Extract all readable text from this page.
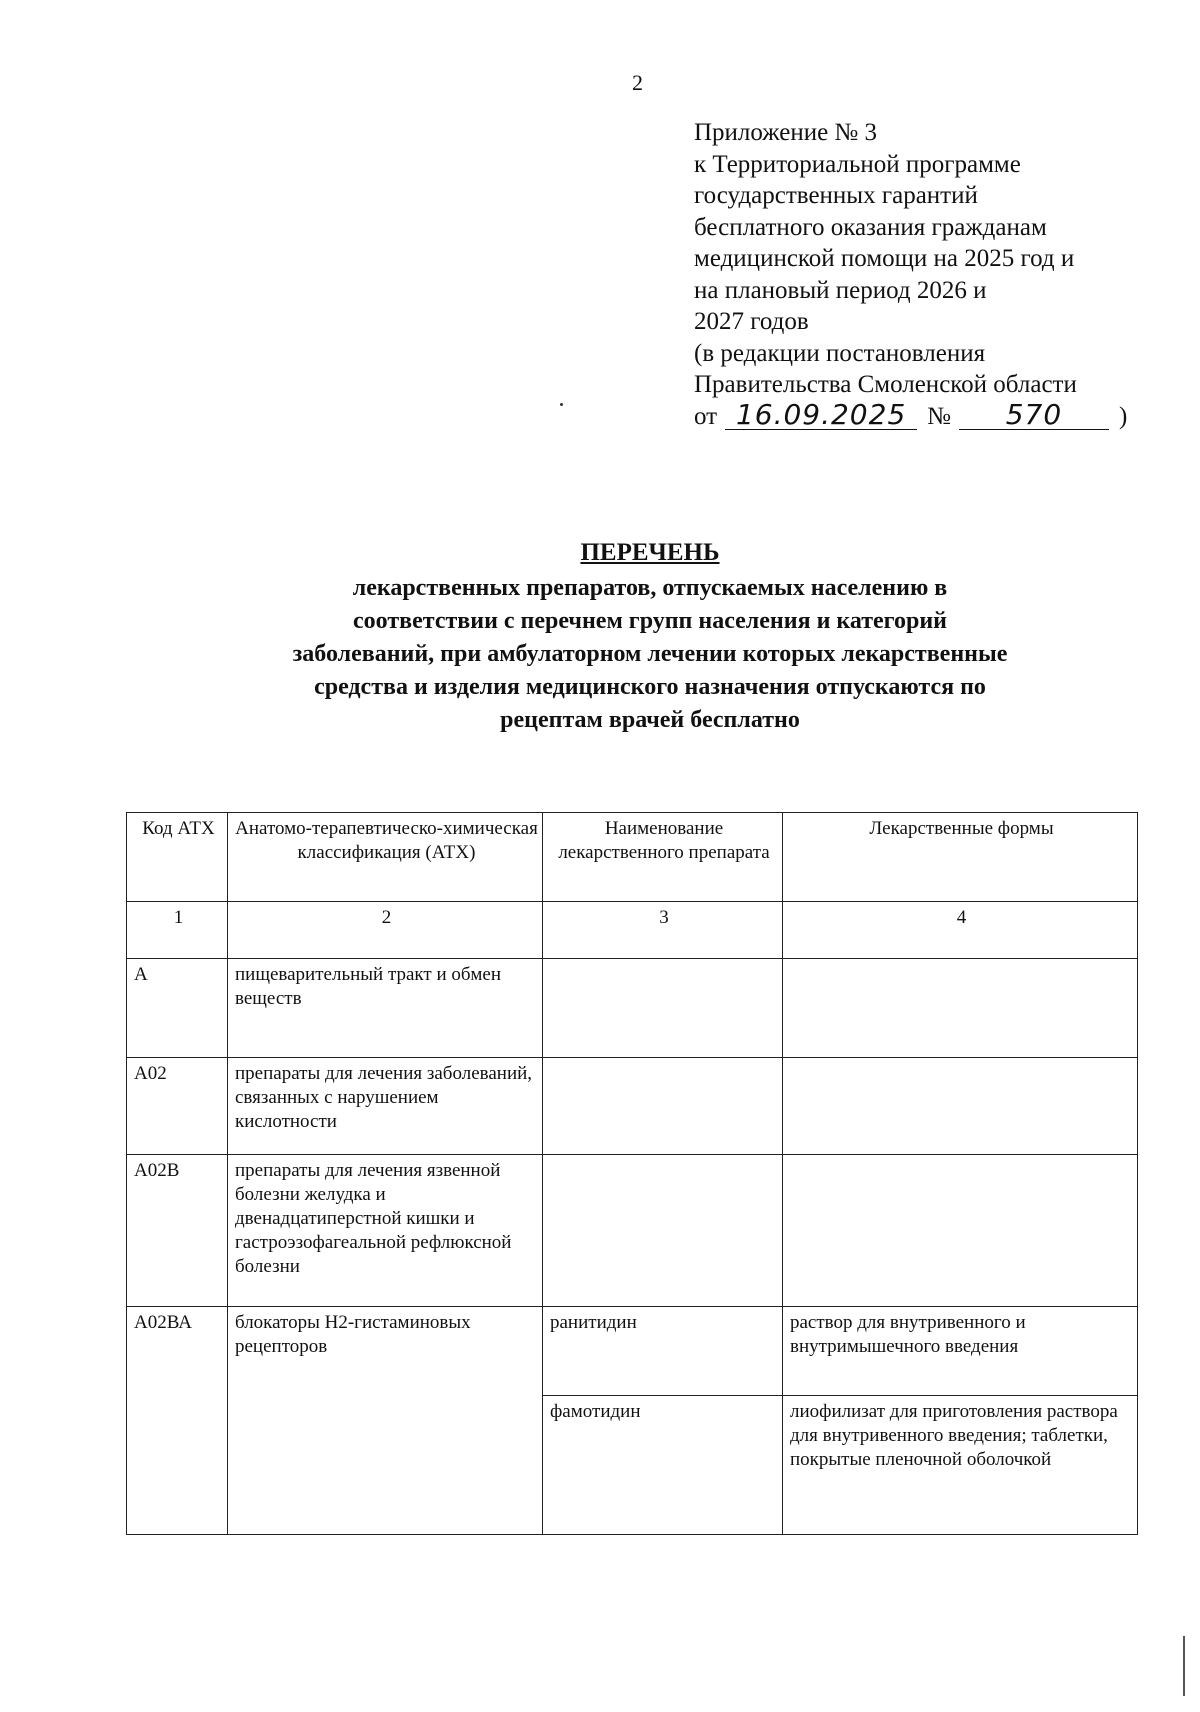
2
Приложение № 3
к Территориальной программе
государственных гарантий
бесплатного оказания гражданам
медицинской помощи на 2025 год и
на плановый период 2026 и
2027 годов
(в редакции постановления
Правительства Смоленской области
от 16.09.2025 № 570 )
ПЕРЕЧЕНЬ
лекарственных препаратов, отпускаемых населению в соответствии с перечнем групп населения и категорий заболеваний, при амбулаторном лечении которых лекарственные средства и изделия медицинского назначения отпускаются по рецептам врачей бесплатно
Код АТХ	Анатомо-терапевтическо-химическая классификация (АТХ)	Наименование лекарственного препарата	Лекарственные формы
1	2	3	4
А	пищеварительный тракт и обмен веществ		
А02	препараты для лечения заболеваний, связанных с нарушением кислотности		
А02В	препараты для лечения язвенной болезни желудка и двенадцатиперстной кишки и гастроэзофагеальной рефлюксной болезни		
А02ВА	блокаторы Н2-гистаминовых рецепторов	ранитидин	раствор для внутривенного и внутримышечного введения
		фамотидин	лиофилизат для приготовления раствора для внутривенного введения; таблетки, покрытые пленочной оболочкой
